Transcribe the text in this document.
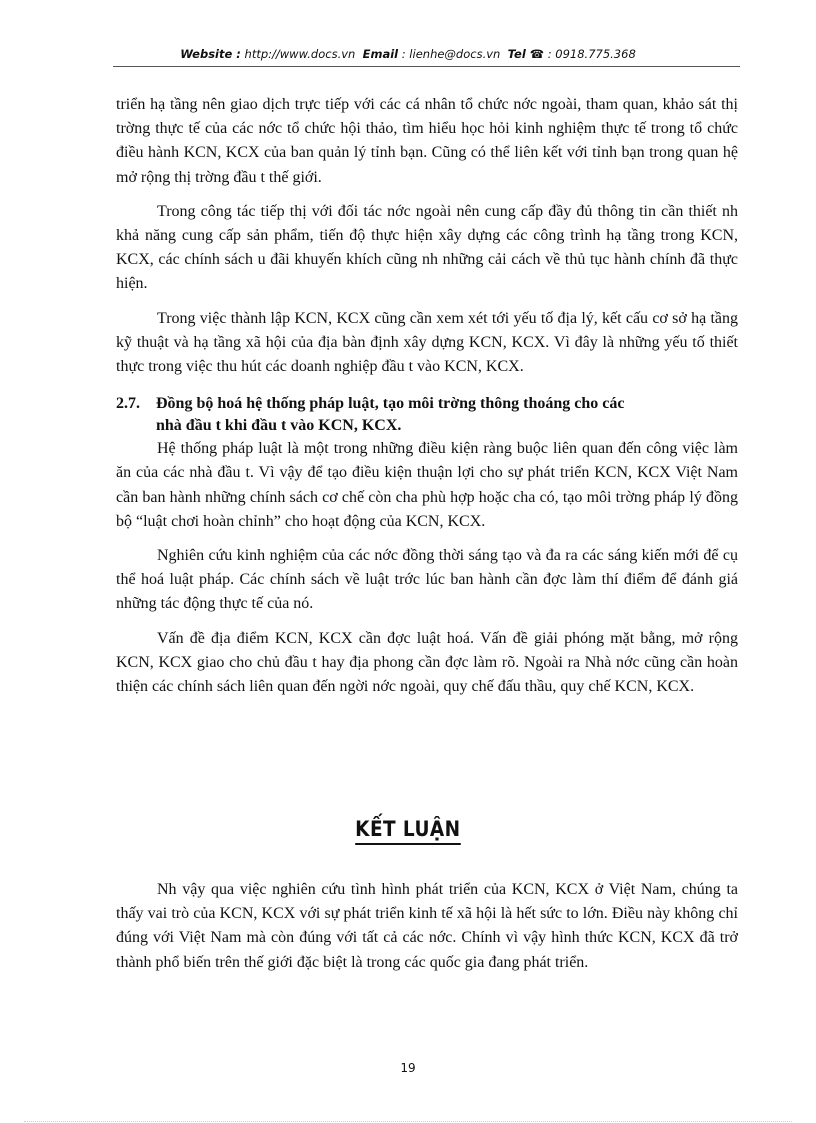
Website : http://www.docs.vn Email : lienhe@docs.vn Tel ☎ : 0918.775.368

triển hạ tầng nên giao dịch trực tiếp với các cá nhân tổ chức nớc ngoài, tham quan, khảo sát thị trờng thực tế của các nớc tổ chức hội thảo, tìm hiểu học hỏi kinh nghiệm thực tế trong tổ chức điều hành KCN, KCX của ban quản lý tỉnh bạn. Cũng có thể liên kết với tỉnh bạn trong quan hệ mở rộng thị trờng đầu t thế giới.

Trong công tác tiếp thị với đối tác nớc ngoài nên cung cấp đầy đủ thông tin cần thiết nh khả năng cung cấp sản phẩm, tiến độ thực hiện xây dựng các công trình hạ tầng trong KCN, KCX, các chính sách u đãi khuyến khích cũng nh những cải cách về thủ tục hành chính đã thực hiện.

Trong việc thành lập KCN, KCX cũng cần xem xét tới yếu tố địa lý, kết cấu cơ sở hạ tầng kỹ thuật và hạ tầng xã hội của địa bàn định xây dựng KCN, KCX. Vì đây là những yếu tố thiết thực trong việc thu hút các doanh nghiệp đầu t vào KCN, KCX.

2.7. Đồng bộ hoá hệ thống pháp luật, tạo môi trờng thông thoáng cho các
nhà đầu t khi đầu t vào KCN, KCX.

Hệ thống pháp luật là một trong những điều kiện ràng buộc liên quan đến công việc làm ăn của các nhà đầu t. Vì vậy để tạo điều kiện thuận lợi cho sự phát triển KCN, KCX Việt Nam cần ban hành những chính sách cơ chế còn cha phù hợp hoặc cha có, tạo môi trờng pháp lý đồng bộ “luật chơi hoàn chỉnh” cho hoạt động của KCN, KCX.

Nghiên cứu kinh nghiệm của các nớc đồng thời sáng tạo và đa ra các sáng kiến mới để cụ thể hoá luật pháp. Các chính sách về luật trớc lúc ban hành cần đợc làm thí điểm để đánh giá những tác động thực tế của nó.

Vấn đề địa điểm KCN, KCX cần đợc luật hoá. Vấn đề giải phóng mặt bằng, mở rộng KCN, KCX giao cho chủ đầu t hay địa phong cần đợc làm rõ. Ngoài ra Nhà nớc cũng cần hoàn thiện các chính sách liên quan đến ngời nớc ngoài, quy chế đấu thầu, quy chế KCN, KCX.

KẾT LUẬN
Nh vậy qua việc nghiên cứu tình hình phát triển của KCN, KCX ở Việt Nam, chúng ta thấy vai trò của KCN, KCX với sự phát triển kinh tế xã hội là hết sức to lớn. Điều này không chỉ đúng với Việt Nam mà còn đúng với tất cả các nớc. Chính vì vậy hình thức KCN, KCX đã trở thành phổ biến trên thế giới đặc biệt là trong các quốc gia đang phát triển.
19
